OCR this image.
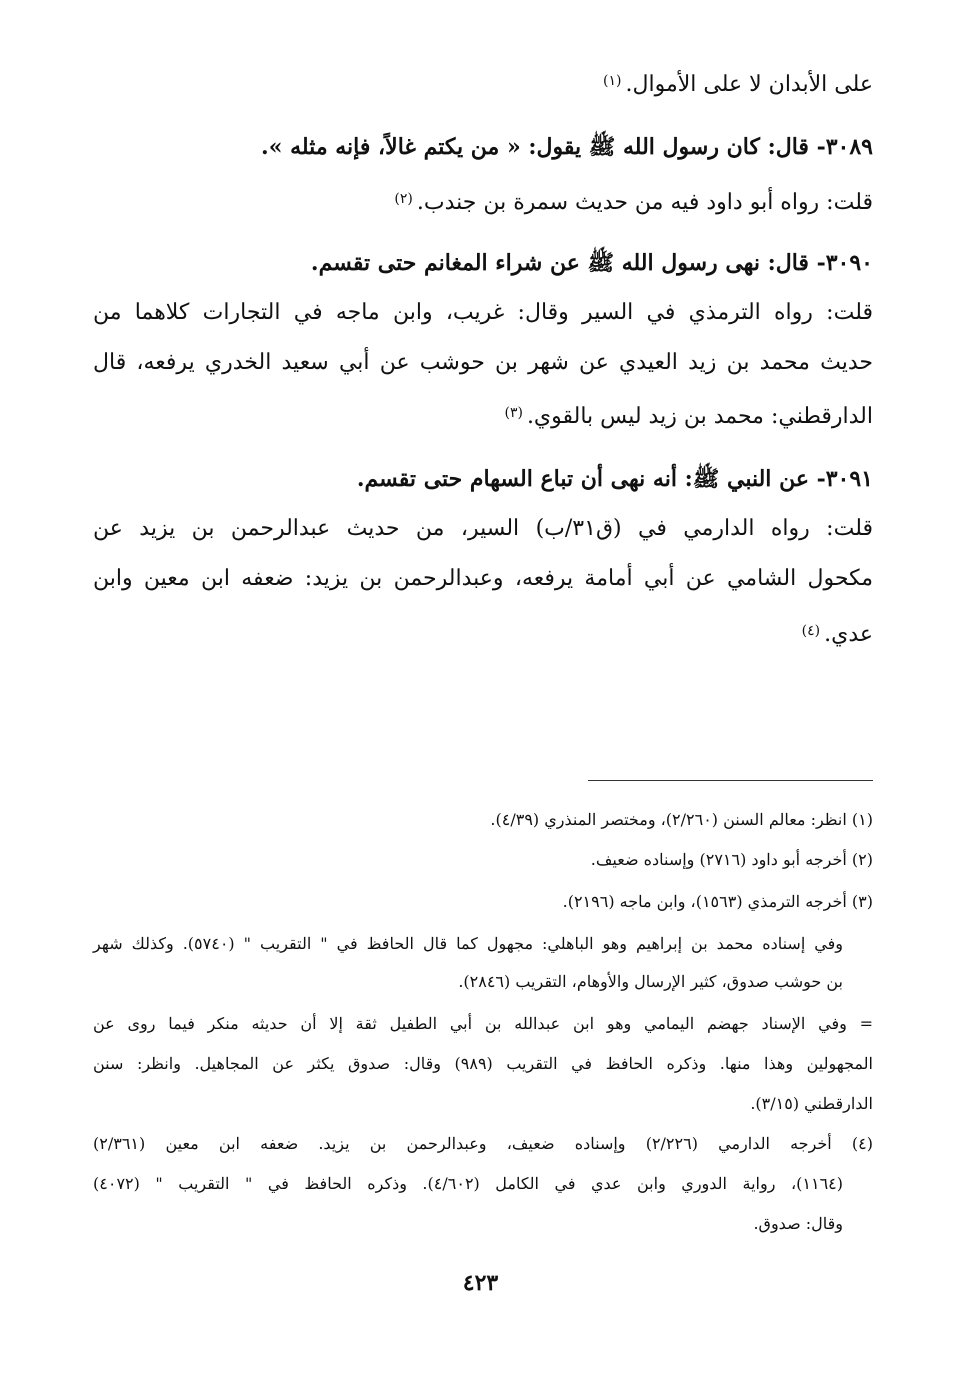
على الأبدان لا على الأموال.$^{(١)}$
٣٠٨٩- قال: كان رسول الله ﷺ يقول: « من يكتم غالاً، فإنه مثله ».
قلت: رواه أبو داود فيه من حديث سمرة بن جندب.$^{(٢)}$
٣٠٩٠- قال: نهى رسول الله ﷺ عن شراء المغانم حتى تقسم.
قلت: رواه الترمذي في السير وقال: غريب، وابن ماجه في التجارات كلاهما من
حديث محمد بن زيد العيدي عن شهر بن حوشب عن أبي سعيد الخدري يرفعه، قال
الدارقطني: محمد بن زيد ليس بالقوي.$^{(٣)}$
٣٠٩١- عن النبي ﷺ: أنه نهى أن تباع السهام حتى تقسم.
قلت: رواه الدارمي في (ق٣١/ب) السير، من حديث عبدالرحمن بن يزيد عن
مكحول الشامي عن أبي أمامة يرفعه، وعبدالرحمن بن يزيد: ضعفه ابن معين وابن
عدي.$^{(٤)}$
(١) انظر: معالم السنن (٢/٢٦٠)، ومختصر المنذري (٤/٣٩).
(٢) أخرجه أبو داود (٢٧١٦) وإسناده ضعيف.
(٣) أخرجه الترمذي (١٥٦٣)، وابن ماجه (٢١٩٦).
وفي إسناده محمد بن إبراهيم وهو الباهلي: مجهول كما قال الحافظ في " التقريب " (٥٧٤٠). وكذلك شهر
بن حوشب صدوق، كثير الإرسال والأوهام، التقريب (٢٨٤٦).
= وفي الإسناد جهضم اليمامي وهو ابن عبدالله بن أبي الطفيل ثقة إلا أن حديثه منكر فيما روى عن
المجهولين وهذا منها. وذكره الحافظ في التقريب (٩٨٩) وقال: صدوق يكثر عن المجاهيل. وانظر: سنن
الدارقطني (٣/١٥).
(٤) أخرجه الدارمي (٢/٢٢٦) وإسناده ضعيف، وعبدالرحمن بن يزيد. ضعفه ابن معين (٢/٣٦١)
(١١٦٤)، رواية الدوري وابن عدي في الكامل (٤/٦٠٢). وذكره الحافظ في " التقريب " (٤٠٧٢)
وقال: صدوق.
٤٢٣
